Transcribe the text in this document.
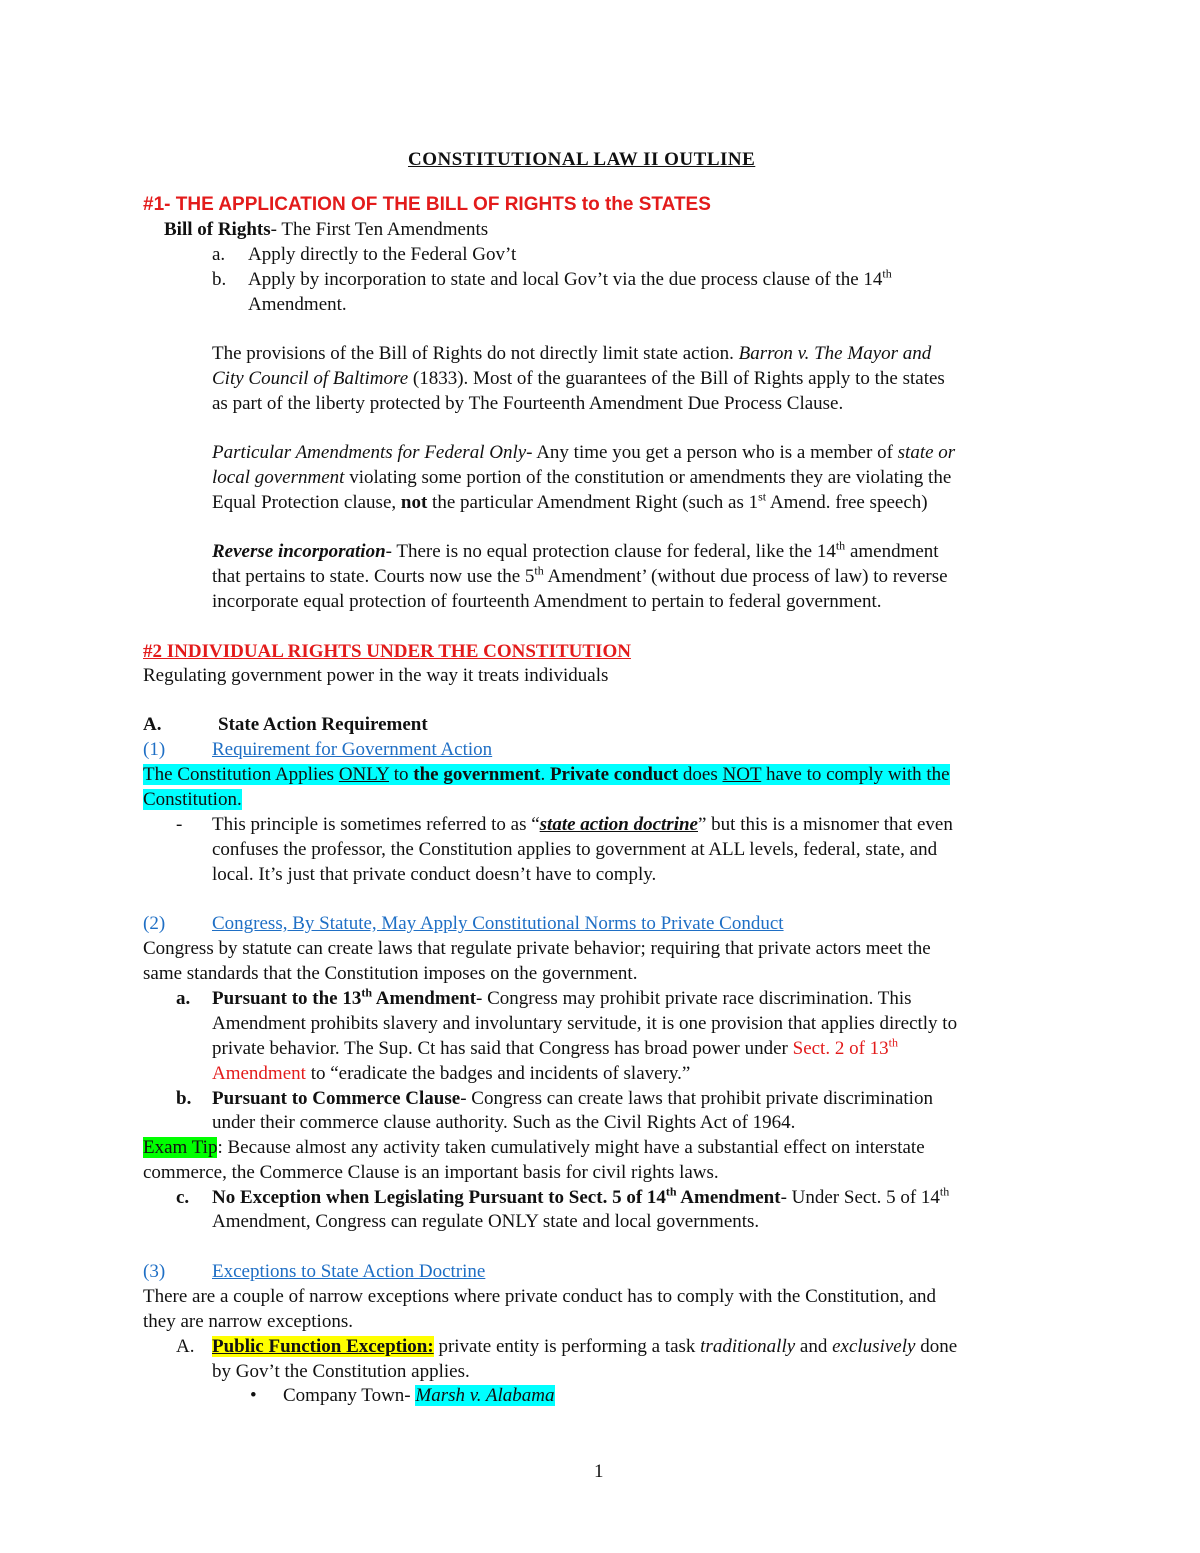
CONSTITUTIONAL LAW II OUTLINE
#1- THE APPLICATION OF THE BILL OF RIGHTS to the STATES
Bill of Rights- The First Ten Amendments
a. Apply directly to the Federal Gov’t
b. Apply by incorporation to state and local Gov’t via the due process clause of the 14th
Amendment.
The provisions of the Bill of Rights do not directly limit state action. Barron v. The Mayor and
City Council of Baltimore (1833). Most of the guarantees of the Bill of Rights apply to the states
as part of the liberty protected by The Fourteenth Amendment Due Process Clause.
Particular Amendments for Federal Only- Any time you get a person who is a member of state or
local government violating some portion of the constitution or amendments they are violating the
Equal Protection clause, not the particular Amendment Right (such as 1st Amend. free speech)
Reverse incorporation- There is no equal protection clause for federal, like the 14th amendment
that pertains to state. Courts now use the 5th Amendment’ (without due process of law) to reverse
incorporate equal protection of fourteenth Amendment to pertain to federal government.
#2 INDIVIDUAL RIGHTS UNDER THE CONSTITUTION
Regulating government power in the way it treats individuals
A.	State Action Requirement
(1) Requirement for Government Action
The Constitution Applies ONLY to the government. Private conduct does NOT have to comply with the
Constitution.
- This principle is sometimes referred to as “state action doctrine” but this is a misnomer that even
confuses the professor, the Constitution applies to government at ALL levels, federal, state, and
local. It’s just that private conduct doesn’t have to comply.
(2) Congress, By Statute, May Apply Constitutional Norms to Private Conduct
Congress by statute can create laws that regulate private behavior; requiring that private actors meet the
same standards that the Constitution imposes on the government.
a. Pursuant to the 13th Amendment- Congress may prohibit private race discrimination. This
Amendment prohibits slavery and involuntary servitude, it is one provision that applies directly to
private behavior. The Sup. Ct has said that Congress has broad power under Sect. 2 of 13th
Amendment to “eradicate the badges and incidents of slavery.”
b. Pursuant to Commerce Clause- Congress can create laws that prohibit private discrimination
under their commerce clause authority. Such as the Civil Rights Act of 1964.
Exam Tip: Because almost any activity taken cumulatively might have a substantial effect on interstate
commerce, the Commerce Clause is an important basis for civil rights laws.
c. No Exception when Legislating Pursuant to Sect. 5 of 14th Amendment- Under Sect. 5 of 14th
Amendment, Congress can regulate ONLY state and local governments.
(3) Exceptions to State Action Doctrine
There are a couple of narrow exceptions where private conduct has to comply with the Constitution, and
they are narrow exceptions.
A. Public Function Exception: private entity is performing a task traditionally and exclusively done
by Gov’t the Constitution applies.
• Company Town- Marsh v. Alabama
1
